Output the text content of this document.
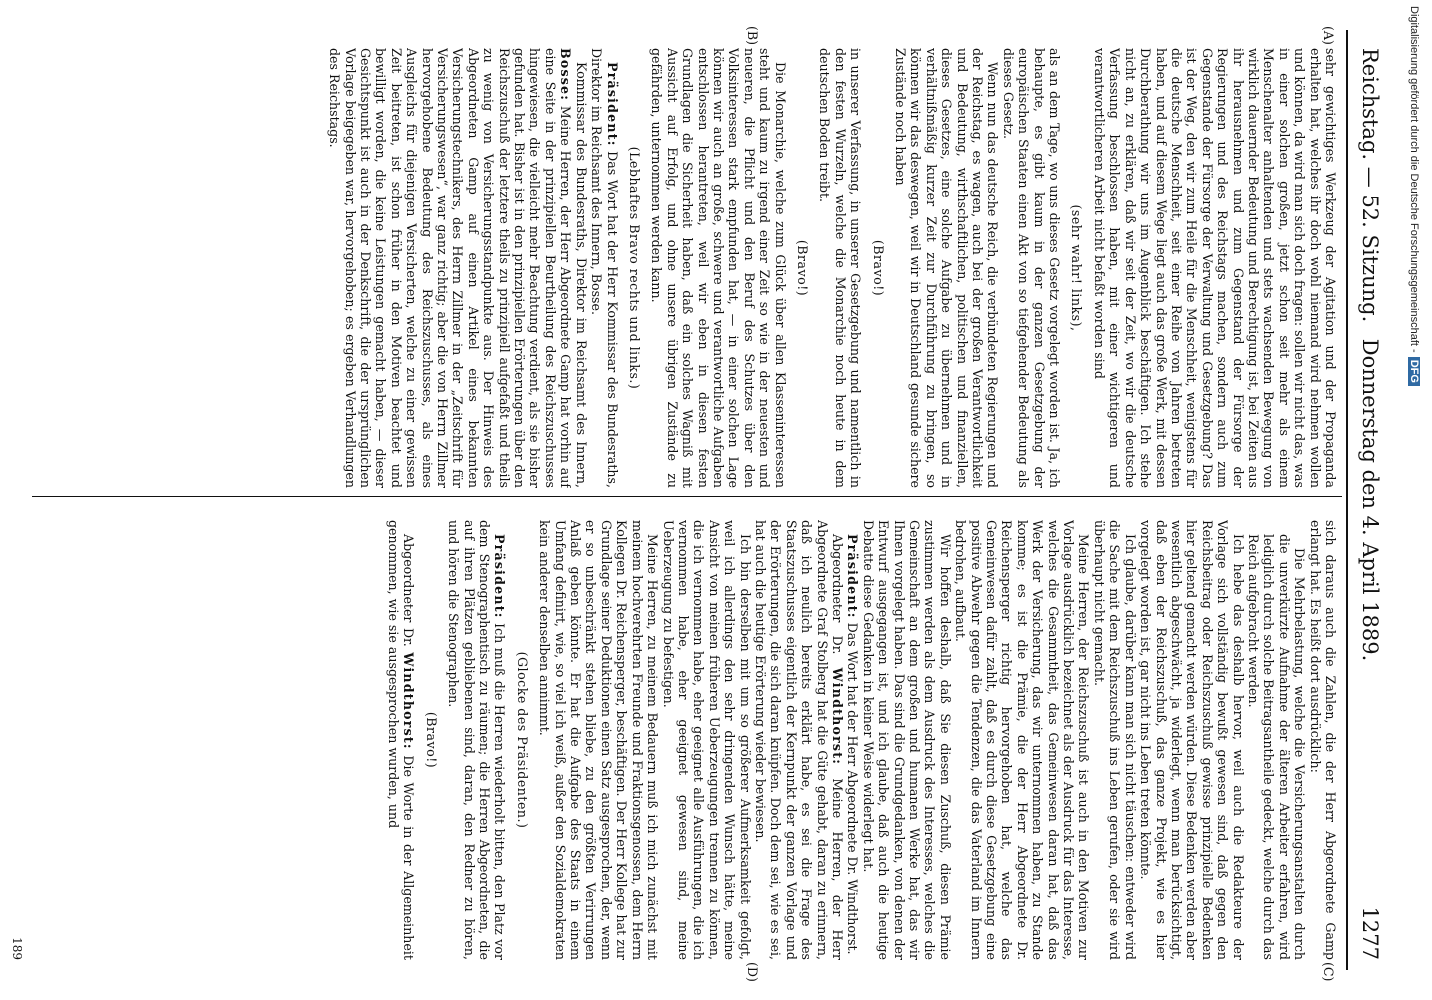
Reichstag. — 52. Sitzung.
Donnerstag den 4. April 1889.
1277
(A)
(B)
(C)
(D)

sehr gewichtiges Werkzeug der Agitation und der Propaganda erhalten hat, welches ihr doch wohl niemand wird nehmen wollen und können, da wird man sich doch fragen: sollen wir nicht das, was in einer solchen großen, jetzt schon seit mehr als einem Menschenalter anhaltenden und stets wachsenden Bewegung von wirklich dauernder Bedeutung und Berechtigung ist, bei Zeiten aus ihr herausnehmen und zum Gegenstand der Fürsorge der Regierungen und des Reichstags machen, sondern auch zum Gegenstande der Fürsorge der Verwaltung und Gesetzgebung? Das ist der Weg, den wir zum Heile für die Menschheit, wenigstens für die deutsche Menschheit, seit einer Reihe von Jahren betreten haben, und auf diesem Wege liegt auch das große Werk, mit dessen Durchberathung wir uns im Augenblick beschäftigen. Ich stehe nicht an, zu erklären, daß wir seit der Zeit, wo wir die deutsche Verfassung beschlossen haben, mit einer wichtigeren und verantwortlicheren Arbeit nicht befaßt worden sind

(sehr wahr! links),

als an dem Tage, wo uns dieses Gesetz vorgelegt worden ist. Ja, ich behaupte, es gibt kaum in der ganzen Gesetzgebung der europäischen Staaten einen Akt von so tiefgehender Bedeutung als dieses Gesetz.

Wenn nun das deutsche Reich, die verbündeten Regierungen und der Reichstag, es wagen, auch bei der großen Verantwortlichkeit und Bedeutung, wirthschaftlichen, politischen und finanziellen, dieses Gesetzes, eine solche Aufgabe zu übernehmen und in verhältnißmäßig kurzer Zeit zur Durchführung zu bringen, so können wir das deswegen, weil wir in Deutschland gesunde sichere Zustände noch haben

(Bravo!)

in unserer Verfassung, in unserer Gesetzgebung und namentlich in den festen Wurzeln, welche die Monarchie noch heute in dem deutschen Boden treibt.

(Bravo!)

Die Monarchie, welche zum Glück über allen Klasseninteressen steht und kaum zu irgend einer Zeit so wie in der neuesten und neueren, die Pflicht und den Beruf des Schutzes über den Volksinteressen stark empfunden hat, — in einer solchen Lage können wir auch an große, schwere und verantwortliche Aufgaben entschlossen herantreten, weil wir eben in diesen festen Grundlagen die Sicherheit haben, daß ein solches Wagniß mit Aussicht auf Erfolg, und ohne unsere übrigen Zustände zu gefährden, unternommen werden kann.

(Lebhaftes Bravo rechts und links.)

Präsident: Das Wort hat der Herr Kommissar des Bundesraths, Direktor im Reichsamt des Innern, Bosse.

Kommissar des Bundesraths, Direktor im Reichsamt des Innern, Bosse: Meine Herren, der Herr Abgeordnete Gamp hat vorhin auf eine Seite in der prinzipiellen Beurtheilung des Reichszuschusses hingewiesen, die vielleicht mehr Beachtung verdient, als sie bisher gefunden hat. Bisher ist in den prinzipiellen Erörterungen über den Reichszuschuß der letztere theils zu prinzipiell aufgefaßt und theils zu wenig von Versicherungsstandpunkte aus. Der Hinweis des Abgeordneten Gamp auf einen Artikel eines bekannten Versicherungstechnikers, des Herrn Zillmer in der „Zeitschrift für Versicherungswesen“, war ganz richtig; aber die von Herrn Zillmer hervorgehobene Bedeutung des Reichszuschusses, als eines Ausgleichs für diejenigen Versicherten, welche zu einer gewissen Zeit beitreten, ist schon früher in den Motiven beachtet und bewilligt worden, die keine Leistungen gemacht haben, — dieser Gesichtspunkt ist auch in der Denkschrift, die der ursprünglichen Vorlage beigegeben war, hervorgehoben; es ergeben Verhandlungen des Reichstags.

sich daraus auch die Zahlen, die der Herr Abgeordnete Gamp erlangt hat. Es heißt dort ausdrücklich:

Die Mehrbelastung, welche die Versicherungsanstalten durch die unverkürzte Aufnahme der älteren Arbeiter erfahren, wird lediglich durch solche Beitragsantheile gedeckt, welche durch das Reich aufgebracht werden.

Ich hebe das deshalb hervor, weil auch die Redakteure der Vorlage sich vollständig bewußt gewesen sind, daß gegen den Reichsbeitrag oder Reichszuschuß gewisse prinzipielle Bedenken hier geltend gemacht werden würden. Diese Bedenken werden aber wesentlich abgeschwächt, ja widerlegt, wenn man berücksichtigt, daß eben der Reichszuschuß, das ganze Projekt, wie es hier vorgelegt worden ist, gar nicht ins Leben treten könnte.

Ich glaube, darüber kann man sich nicht täuschen: entweder wird die Sache mit dem Reichszuschuß ins Leben gerufen, oder sie wird überhaupt nicht gemacht.

Meine Herren, der Reichszuschuß ist auch in den Motiven zur Vorlage ausdrücklich bezeichnet als der Ausdruck für das Interesse, welches die Gesammtheit, das Gemeinwesen daran hat, daß das Werk der Versicherung, das wir unternommen haben, zu Stande komme; es ist die Prämie, die der Herr Abgeordnete Dr. Reichensperger richtig hervorgehoben hat, welche das Gemeinwesen dafür zahlt, daß es durch diese Gesetzgebung eine positive Abwehr gegen die Tendenzen, die das Vaterland im Innern bedrohen, aufbaut.

Wir hoffen deshalb, daß Sie diesen Zuschuß, diesen Prämie zustimmen werden als dem Ausdruck des Interesses, welches die Gemeinschaft an dem großen und humanen Werke hat, das wir Ihnen vorgelegt haben. Das sind die Grundgedanken, von denen der Entwurf ausgegangen ist, und ich glaube, daß auch die heutige Debatte diese Gedanken in keiner Weise widerlegt hat.

Präsident: Das Wort hat der Herr Abgeordnete Dr. Windthorst.

Abgeordneter Dr. Windthorst: Meine Herren, der Herr Abgeordnete Graf Stolberg hat die Güte gehabt, daran zu erinnern, daß ich neulich bereits erklärt habe, es sei die Frage des Staatszuschusses eigentlich der Kernpunkt der ganzen Vorlage und der Erörterungen, die sich daran knüpfen. Doch dem sei, wie es sei, hat auch die heutige Erörterung wieder bewiesen.

Ich bin derselben mit um so größerer Aufmerksamkeit gefolgt, weil ich allerdings den sehr dringenden Wunsch hätte, meine Ansicht von meinen früheren Ueberzeugungen trennen zu können, die ich vernommen habe, eher geeignet alle Ausführungen, die ich vernommen habe, eher geeignet gewesen sind, meine Ueberzeugung zu befestigen.

Meine Herren, zu meinem Bedauern muß ich mich zunächst mit meinem hochverehrten Freunde und Fraktionsgenossen, dem Herrn Kollegen Dr. Reichensperger, beschäftigen. Der Herr Kollege hat zur Grundlage seiner Deduktionen einen Satz ausgesprochen, der, wenn er so unbeschränkt stehen bliebe, zu den größten Verirrungen Anlaß geben könnte. Er hat die Aufgabe des Staats in einem Umfang definirt, wie, so viel ich weiß, außer den Sozialdemokraten kein anderer denselben annimmt.

(Glocke des Präsidenten.)

Präsident: Ich muß die Herren wiederholt bitten, den Platz vor dem Stenographentisch zu räumen; die Herren Abgeordneten, die auf ihren Plätzen gebliebenen sind, daran, den Redner zu hören, und hören die Stenographen.

(Bravo!)

Abgeordneter Dr. Windthorst: Die Worte in der Allgemeinheit genommen, wie sie ausgesprochen wurden, und

189
Digitalisierung gefördert durch die Deutsche Forschungsgemeinschaft -DFG
